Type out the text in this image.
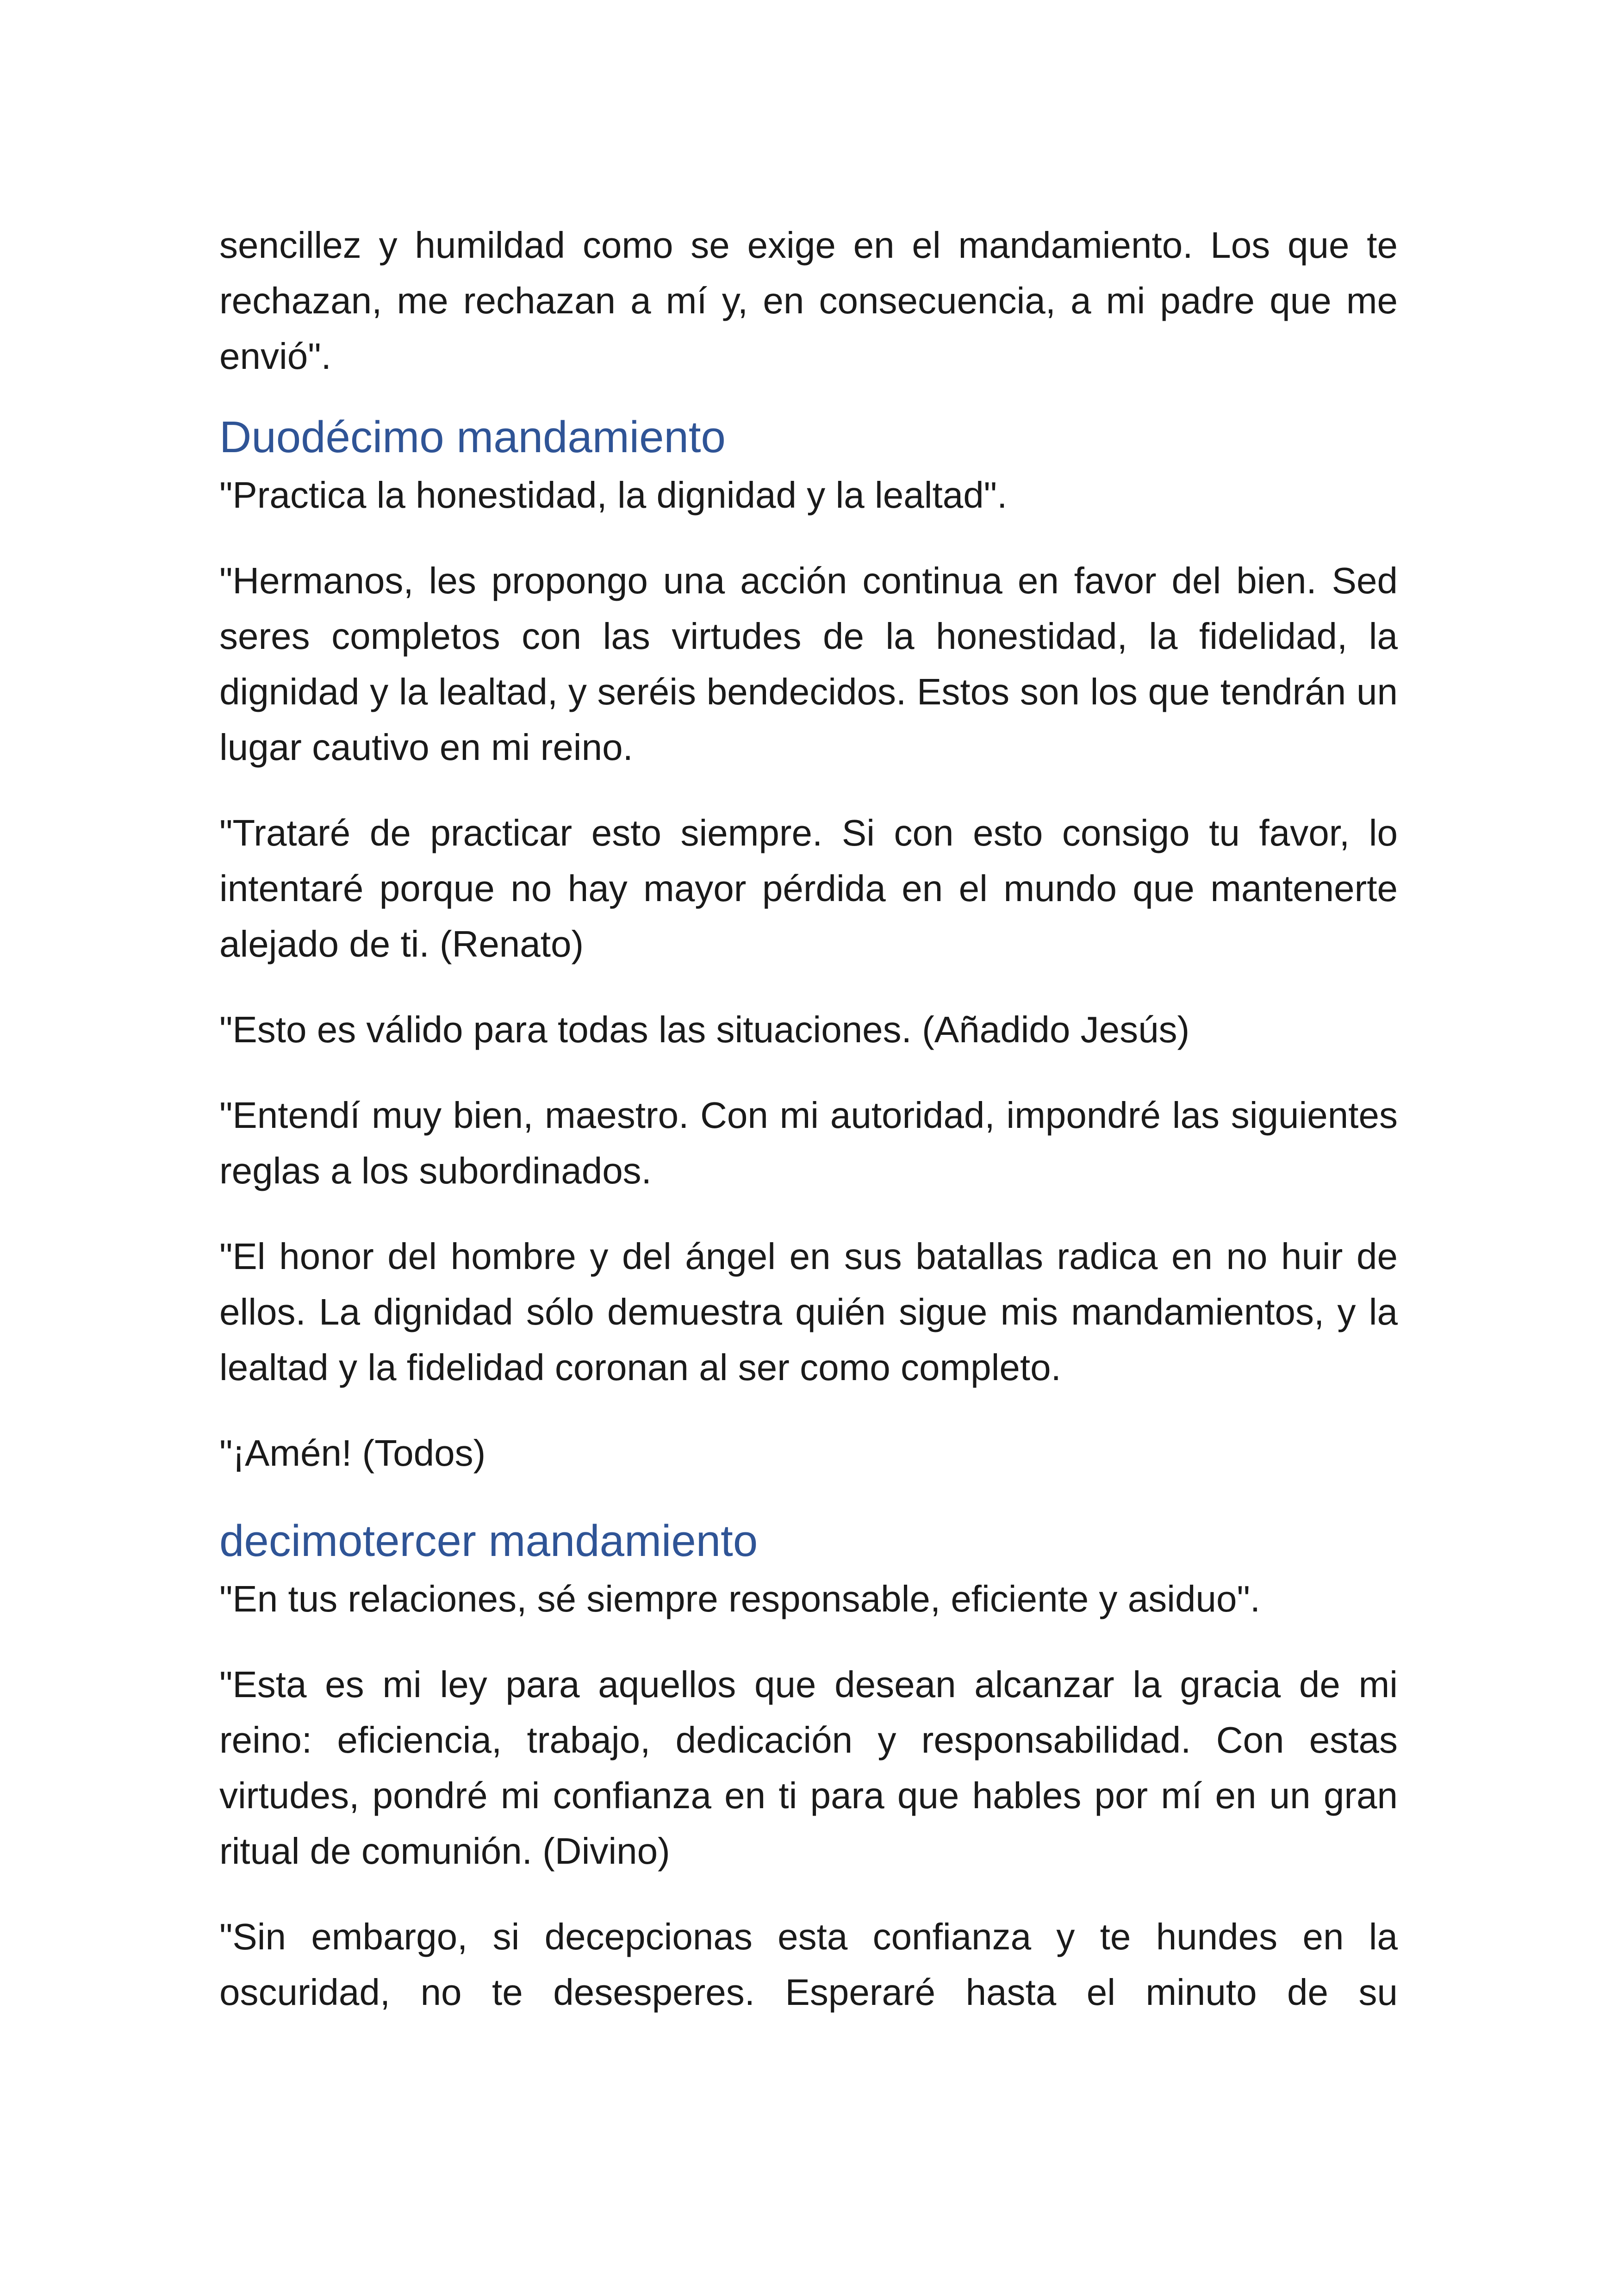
sencillez y humildad como se exige en el mandamiento. Los que te rechazan, me rechazan a mí y, en consecuencia, a mi padre que me envió".

Duodécimo mandamiento

"Practica la honestidad, la dignidad y la lealtad".

"Hermanos, les propongo una acción continua en favor del bien. Sed seres completos con las virtudes de la honestidad, la fidelidad, la dignidad y la lealtad, y seréis bendecidos. Estos son los que tendrán un lugar cautivo en mi reino.

"Trataré de practicar esto siempre. Si con esto consigo tu favor, lo intentaré porque no hay mayor pérdida en el mundo que mantenerte alejado de ti. (Renato)

"Esto es válido para todas las situaciones. (Añadido Jesús)

"Entendí muy bien, maestro. Con mi autoridad, impondré las siguientes reglas a los subordinados.

"El honor del hombre y del ángel en sus batallas radica en no huir de ellos. La dignidad sólo demuestra quién sigue mis mandamientos, y la lealtad y la fidelidad coronan al ser como completo.

"¡Amén! (Todos)

decimotercer mandamiento

"En tus relaciones, sé siempre responsable, eficiente y asiduo".

"Esta es mi ley para aquellos que desean alcanzar la gracia de mi reino: eficiencia, trabajo, dedicación y responsabilidad. Con estas virtudes, pondré mi confianza en ti para que hables por mí en un gran ritual de comunión. (Divino)

"Sin embargo, si decepcionas esta confianza y te hundes en la oscuridad, no te desesperes. Esperaré hasta el minuto de su
